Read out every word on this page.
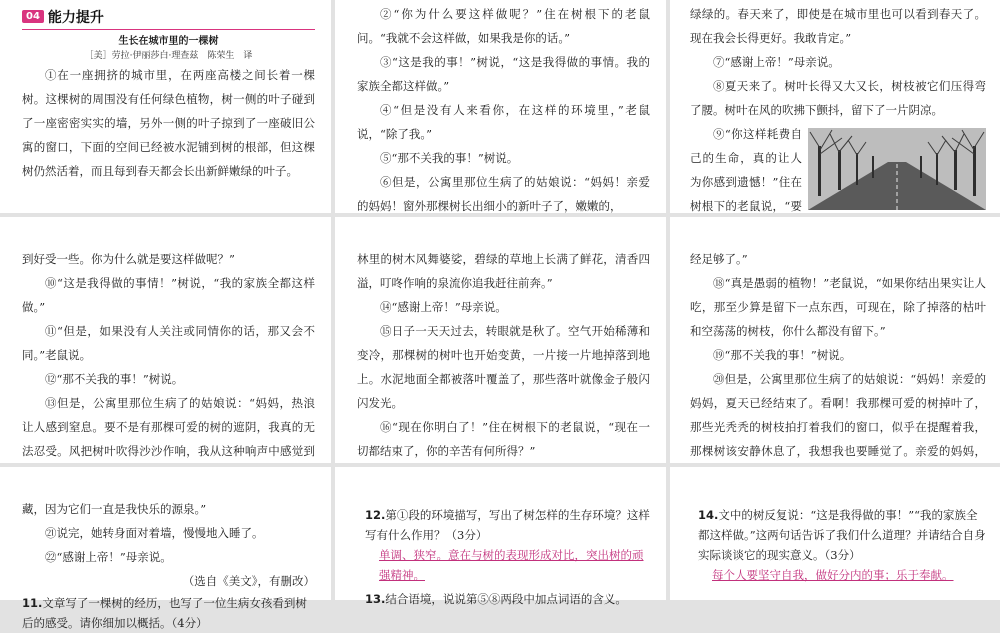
04 能力提升

生长在城市里的一棵树

［美］劳拉·伊丽莎白·理查兹　陈荣生　译

①在一座拥挤的城市里，在两座高楼之间长着一棵树。这棵树的周围没有任何绿色植物，树一侧的叶子碰到了一座密密实实的墙，另外一侧的叶子掠到了一座破旧公寓的窗口，下面的空间已经被水泥铺到树的根部，但这棵树仍然活着，而且每到春天都会长出新鲜嫩绿的叶子。

②“你为什么要这样做呢？”住在树根下的老鼠问。“我就不会这样做，如果我是你的话。”

③“这是我的事！”树说，“这是我得做的事情。我的家族全都这样做。”

④“但是没有人来看你，在这样的环境里，”老鼠说，“除了我。”

⑤“那不关我的事！”树说。

⑥但是，公寓里那位生病了的姑娘说：“妈妈！亲爱的妈妈！窗外那棵树长出细小的新叶子了，嫩嫩的，

绿绿的。春天来了，即使是在城市里也可以看到春天了。现在我会长得更好。我敢肯定。”

⑦“感谢上帝！”母亲说。

⑧夏天来了。树叶长得又大又长，树枝被它们压得弯了腰。树叶在风的吹拂下颤抖，留下了一片阴凉。

⑨“你这样耗费自己的生命，真的让人为你感到遗憾！”住在树根下的老鼠说，“要

到好受一些。你为什么就是要这样做呢？”

⑩“这是我得做的事情！”树说，“我的家族全都这样做。”

⑪“但是，如果没有人关注或同情你的话，那又会不同。”老鼠说。

⑫“那不关我的事！”树说。

⑬但是，公寓里那位生病了的姑娘说：“妈妈，热浪让人感到窒息。要不是有那棵可爱的树的遮阴，我真的无法忍受。风把树叶吹得沙沙作响，我从这种响声中感觉到

林里的树木风舞婆娑，碧绿的草地上长满了鲜花，清香四溢，叮咚作响的泉流你追我赶往前奔。”

⑭“感谢上帝！”母亲说。

⑮日子一天天过去，转眼就是秋了。空气开始稀薄和变冷，那棵树的树叶也开始变黄，一片接一片地掉落到地上。水泥地面全都被落叶覆盖了，那些落叶就像金子般闪闪发光。

⑯“现在你明白了！”住在树根下的老鼠说，“现在一切都结束了，你的辛苦有何所得？”

经足够了。”

⑱“真是愚弱的植物！”老鼠说，“如果你结出果实让人吃，那至少算是留下一点东西，可现在，除了掉落的枯叶和空荡荡的树枝，你什么都没有留下。”

⑲“那不关我的事！”树说。

⑳但是，公寓里那位生病了的姑娘说：“妈妈！亲爱的妈妈，夏天已经结束了。看啊！我那棵可爱的树掉叶了，那些光秃秃的树枝拍打着我们的窗口，似乎在提醒着我，那棵树该安静休息了，我想我也要睡觉了。亲爱的妈妈，

藏，因为它们一直是我快乐的源泉。”

㉑说完，她转身面对着墙，慢慢地入睡了。

㉒“感谢上帝！”母亲说。

（选自《美文》，有删改）

11.文章写了一棵树的经历，也写了一位生病女孩看到树后的感受。请你细加以概括。（4分）

12.第①段的环境描写，写出了树怎样的生存环境？这样写有什么作用？（3分）

单调、狭窄。意在与树的表现形成对比，突出树的顽强精神。

13.结合语境，说说第⑤⑧两段中加点词语的含义。

14.文中的树反复说：“这是我得做的事！”“我的家族全都这样做。”这两句话告诉了我们什么道理？并请结合自身实际谈谈它的现实意义。（3分）

每个人要坚守自我，做好分内的事；乐于奉献。
